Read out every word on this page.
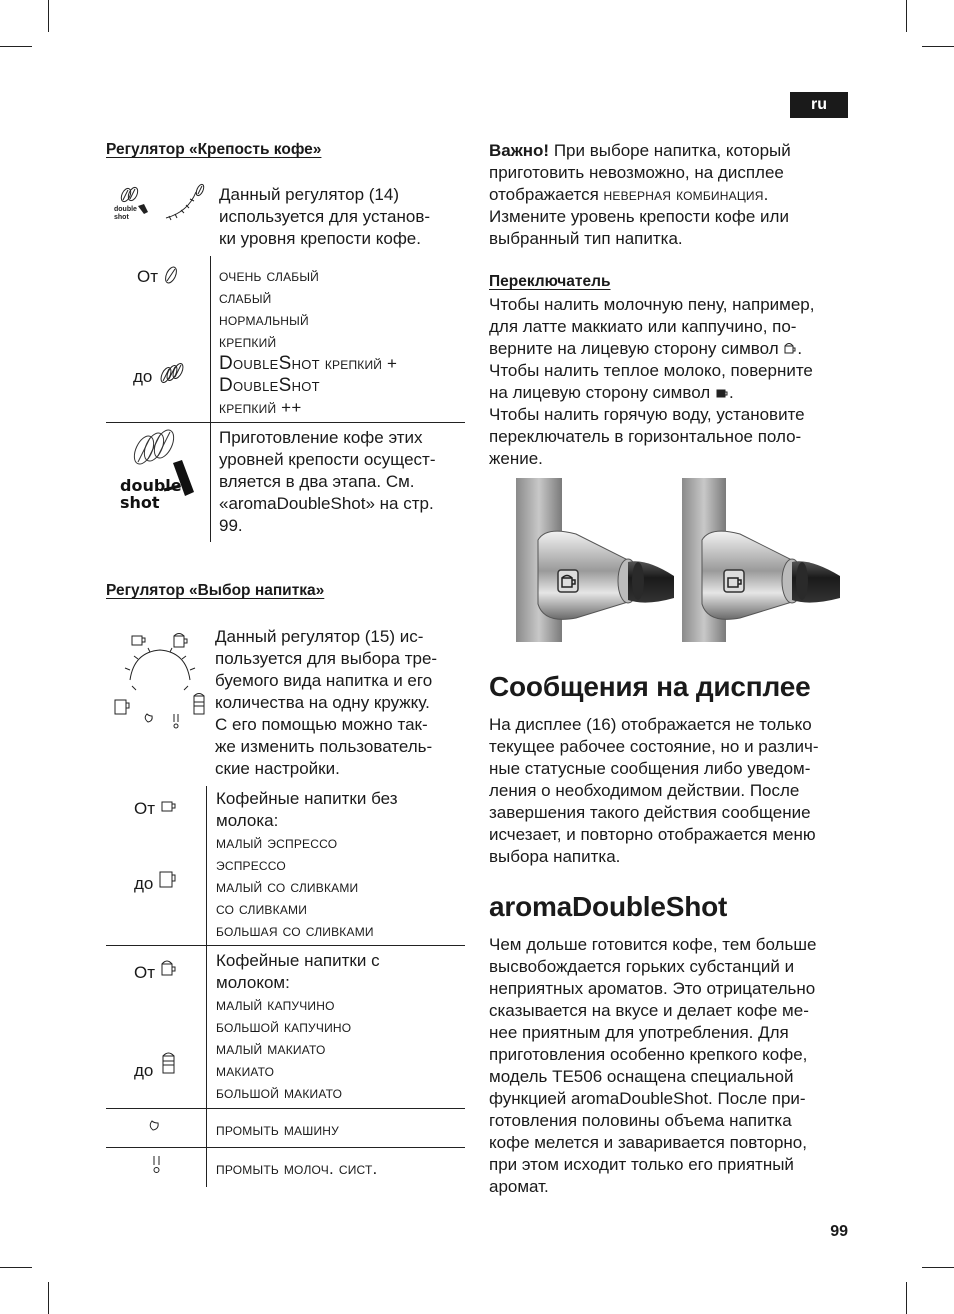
ru
Регулятор «Крепость кофе»
double
shot
Данный регулятор (14)
используется для установ-
ки уровня крепости кофе.
От
до
очень слабый
слабый
нормальный
крепкий
DoubleShot крепкий +
DoubleShot
крепкий ++
double
shot
Приготовление кофе этих
уровней крепости осущест-
вляется в два этапа. См.
«aromaDoubleShot» на стр.
99.
Регулятор «Выбор напитка»
Данный регулятор (15) ис-
пользуется для выбора тре-
буемого вида напитка и его
количества на одну кружку.
С его помощью можно так-
же изменить пользователь-
ские настройки.
От
до
Кофейные напитки без
молока:
малый эспрессо
эспрессо
малый со сливками
со сливками
большая со сливками
От
до
Кофейные напитки с
молоком:
малый капучино
большой капучино
малый макиато
макиато
большой макиато
промыть машину
промыть молоч. сист.
Важно! При выборе напитка, который
приготовить невозможно, на дисплее
отображается неверная комбинация.
Измените уровень крепости кофе или
выбранный тип напитка.
Переключатель
Чтобы налить молочную пену, например,
для латте маккиато или каппучино, по-
верните на лицевую сторону символ .
Чтобы налить теплое молоко, поверните
на лицевую сторону символ .
Чтобы налить горячую воду, установите
переключатель в горизонтальное поло-
жение.
Сообщения на дисплее
На дисплее (16) отображается не только
текущее рабочее состояние, но и различ-
ные статусные сообщения либо уведом-
ления о необходимом действии. После
завершения такого действия сообщение
исчезает, и повторно отображается меню
выбора напитка.
aromaDoubleShot
Чем дольше готовится кофе, тем больше
высвобождается горьких субстанций и
неприятных ароматов. Это отрицательно
сказывается на вкусе и делает кофе ме-
нее приятным для употребления. Для
приготовления особенно крепкого кофе,
модель TE506 оснащена специальной
функцией aromaDoubleShot. После при-
готовления половины объема напитка
кофе мелется и заваривается повторно,
при этом исходит только его приятный
аромат.
99
